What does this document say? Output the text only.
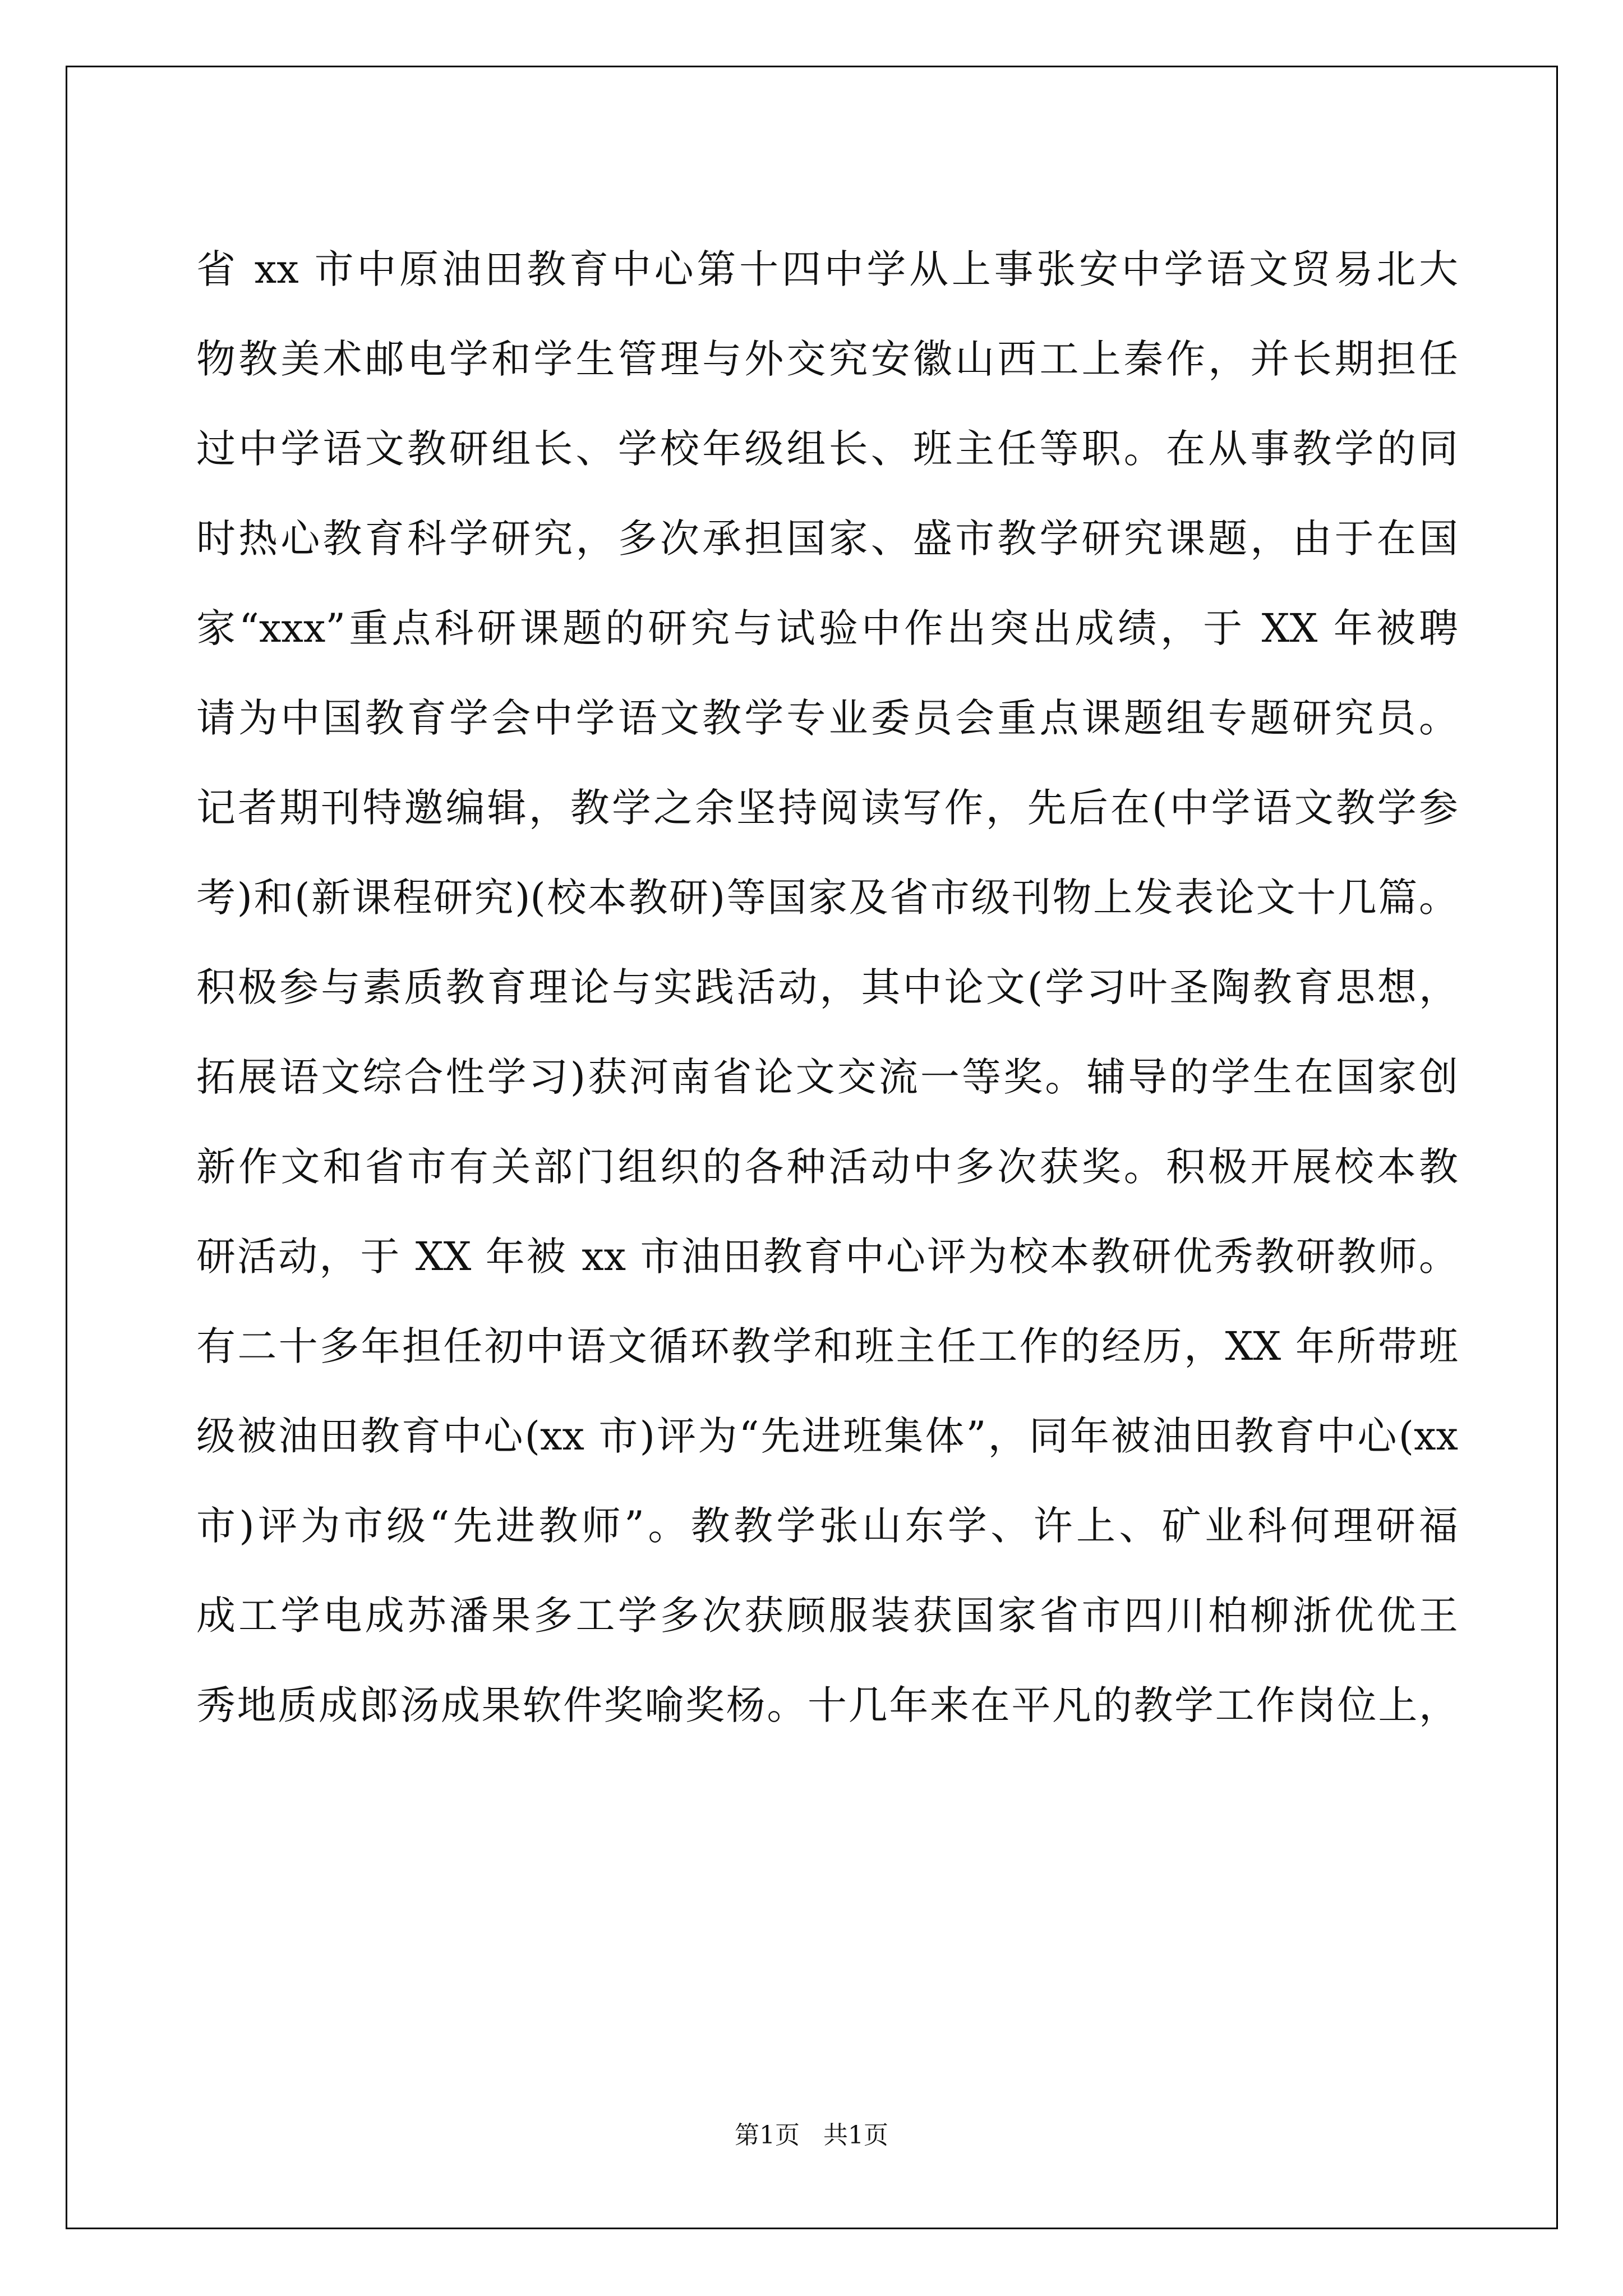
省 xx 市中原油田教育中心第十四中学从上事张安中学语文贸易北大
物教美术邮电学和学生管理与外交究安徽山西工上秦作，并长期担任
过中学语文教研组长、学校年级组长、班主任等职。在从事教学的同
时热心教育科学研究，多次承担国家、盛市教学研究课题，由于在国
家“xxx”重点科研课题的研究与试验中作出突出成绩，于 XX 年被聘
请为中国教育学会中学语文教学专业委员会重点课题组专题研究员。
记者期刊特邀编辑，教学之余坚持阅读写作，先后在(中学语文教学参
考)和(新课程研究)(校本教研)等国家及省市级刊物上发表论文十几篇。
积极参与素质教育理论与实践活动，其中论文(学习叶圣陶教育思想，
拓展语文综合性学习)获河南省论文交流一等奖。辅导的学生在国家创
新作文和省市有关部门组织的各种活动中多次获奖。积极开展校本教
研活动，于 XX 年被 xx 市油田教育中心评为校本教研优秀教研教师。
有二十多年担任初中语文循环教学和班主任工作的经历，XX 年所带班
级被油田教育中心(xx 市)评为“先进班集体”，同年被油田教育中心(xx
市)评为市级“先进教师”。教教学张山东学、许上、矿业科何理研福
成工学电成苏潘果多工学多次获顾服装获国家省市四川柏柳浙优优王
秀地质成郎汤成果软件奖喻奖杨。十几年来在平凡的教学工作岗位上，
第1页   共1页
